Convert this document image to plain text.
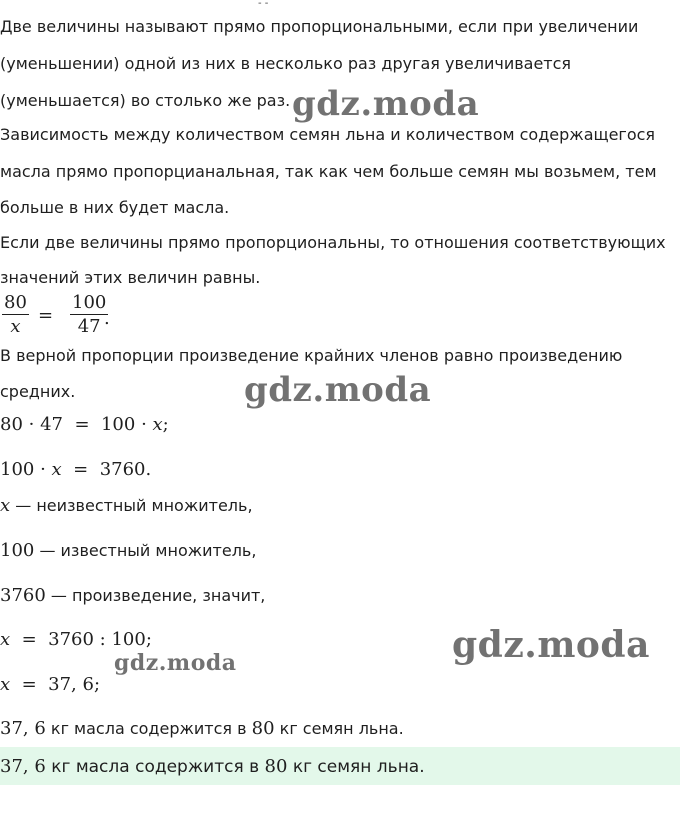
- -
Две величины называют прямо пропорциональными, если при увеличении
(уменьшении) одной из них в несколько раз другая увеличивается
(уменьшается) во столько же раз.
Зависимость между количеством семян льна и количеством содержащегося
масла прямо пропорцианальная, так как чем больше семян мы возьмем, тем
больше в них будет масла.
Если две величины прямо пропорциональны, то отношения соответствующих
значений этих величин равны.
$\frac{80}{x} = \frac{100}{47}$
.
В верной пропорции произведение крайних членов равно произведению
средних.
80 · 47 = 100 · x;
100 · x = 3760.
x — неизвестный множитель,
100 — известный множитель,
3760 — произведение, значит,
x = 3760 : 100;
x = 37, 6;
37, 6 кг масла содержится в 80 кг семян льна.
37, 6 кг масла содержится в 80 кг семян льна.
gdz.moda
gdz.moda
gdz.moda
gdz.moda
